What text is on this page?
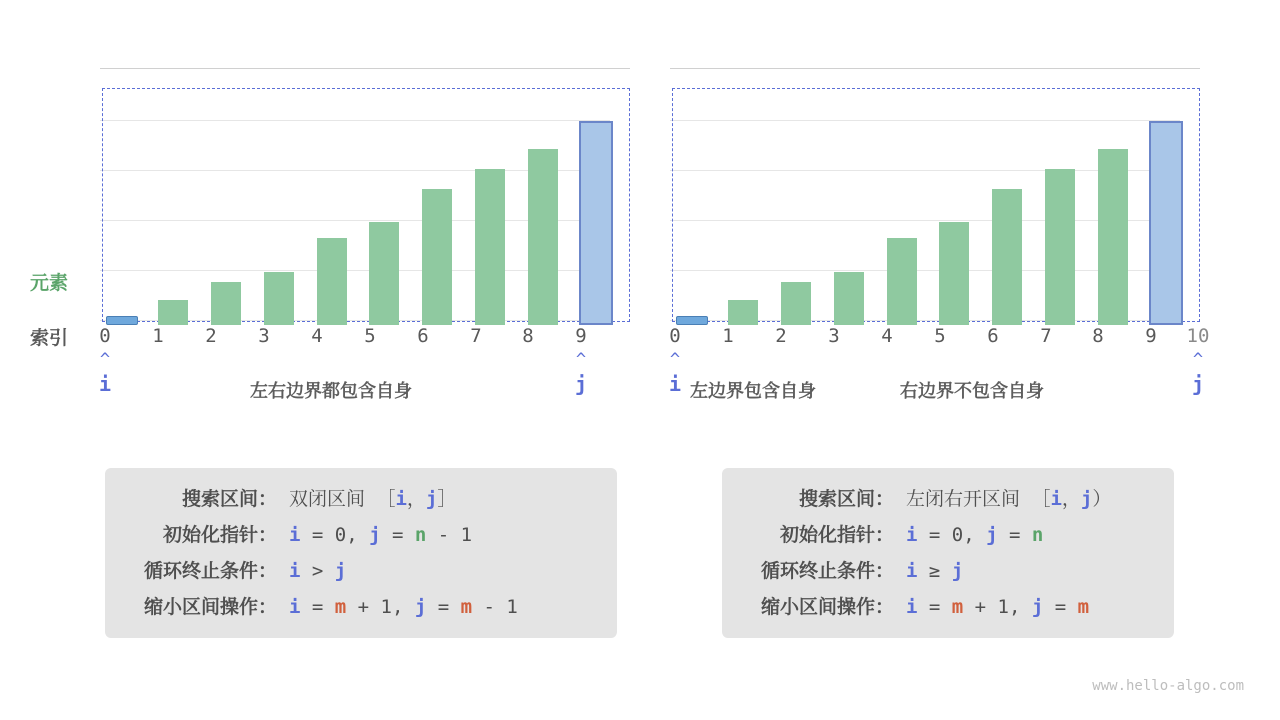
元素
索引	0	1	2	3	4	5	6	7	8	9
^
i
^
j
左右边界都包含自身
0	1	2	3	4	5	6	7	8	9	10
^
i
^
j
左边界包含自身	右边界不包含自身
搜索区间： 双闭区间 ［i，j］
初始化指针： i = 0, j = n - 1
循环终止条件： i > j
缩小区间操作： i = m + 1, j = m - 1
搜索区间： 左闭右开区间 ［i，j）
初始化指针： i = 0, j = n
循环终止条件： i ≥ j
缩小区间操作： i = m + 1, j = m
www.hello-algo.com
